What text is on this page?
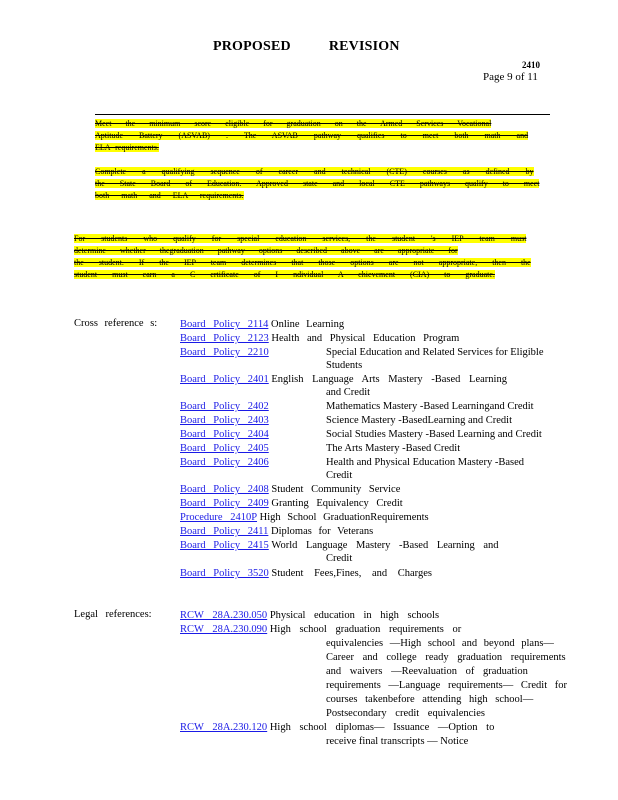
PROPOSED	REVISION
2410
Page 9 of 11
Meet the minimum score eligible for graduation on the Armed Services Vocational
Aptitude Battery (ASVAB) . The ASVAB pathway qualifies to meet both math and
ELA requirements.
Complete a qualifying sequence of career and technical (CTE) courses as defined by
the State Board of Education. Approved state and local CTE pathways qualify to meet
both math and ELA requirements.
For students who qualify for special education services, the student 's IEP team must
determine whether thegraduation pathway options described above are appropriate for
the student. If the IEP team determines that those options are not appropriate, then the
student must earn a C ertificate of I ndividual A chievement (CIA) to graduate.
Cross reference s: Board Policy 2114 Online Learning
Board Policy 2123 Health and Physical Education Program
Board Policy 2210	Special Education and Related Services for Eligible
Students
Board Policy 2401 English Language Arts Mastery -Based Learning
and Credit
Board Policy 2402	Mathematics Mastery -Based Learningand Credit
Board Policy 2403	Science Mastery -BasedLearning and Credit
Board Policy 2404	Social Studies Mastery -Based Learning and Credit
Board Policy 2405	The Arts Mastery -Based Credit
Board Policy 2406	Health and Physical Education Mastery -Based
Credit
Board Policy 2408 Student Community Service
Board Policy 2409 Granting Equivalency Credit
Procedure 2410P High School GraduationRequirements
Board Policy 2411 Diplomas for Veterans
Board Policy 2415 World Language Mastery -Based Learning and
Credit
Board Policy 3520 Student Fees,Fines, and Charges
Legal references:	RCW 28A.230.050 Physical education in high schools
RCW 28A.230.090 High school graduation requirements or
equivalencies —High school and beyond plans—
Career and college ready graduation requirements
and waivers —Reevaluation of graduation
requirements —Language requirements— Credit for
courses takenbefore attending high school—
Postsecondary credit equivalencies
RCW 28A.230.120 High school diplomas— Issuance —Option to
receive final transcripts — Notice
